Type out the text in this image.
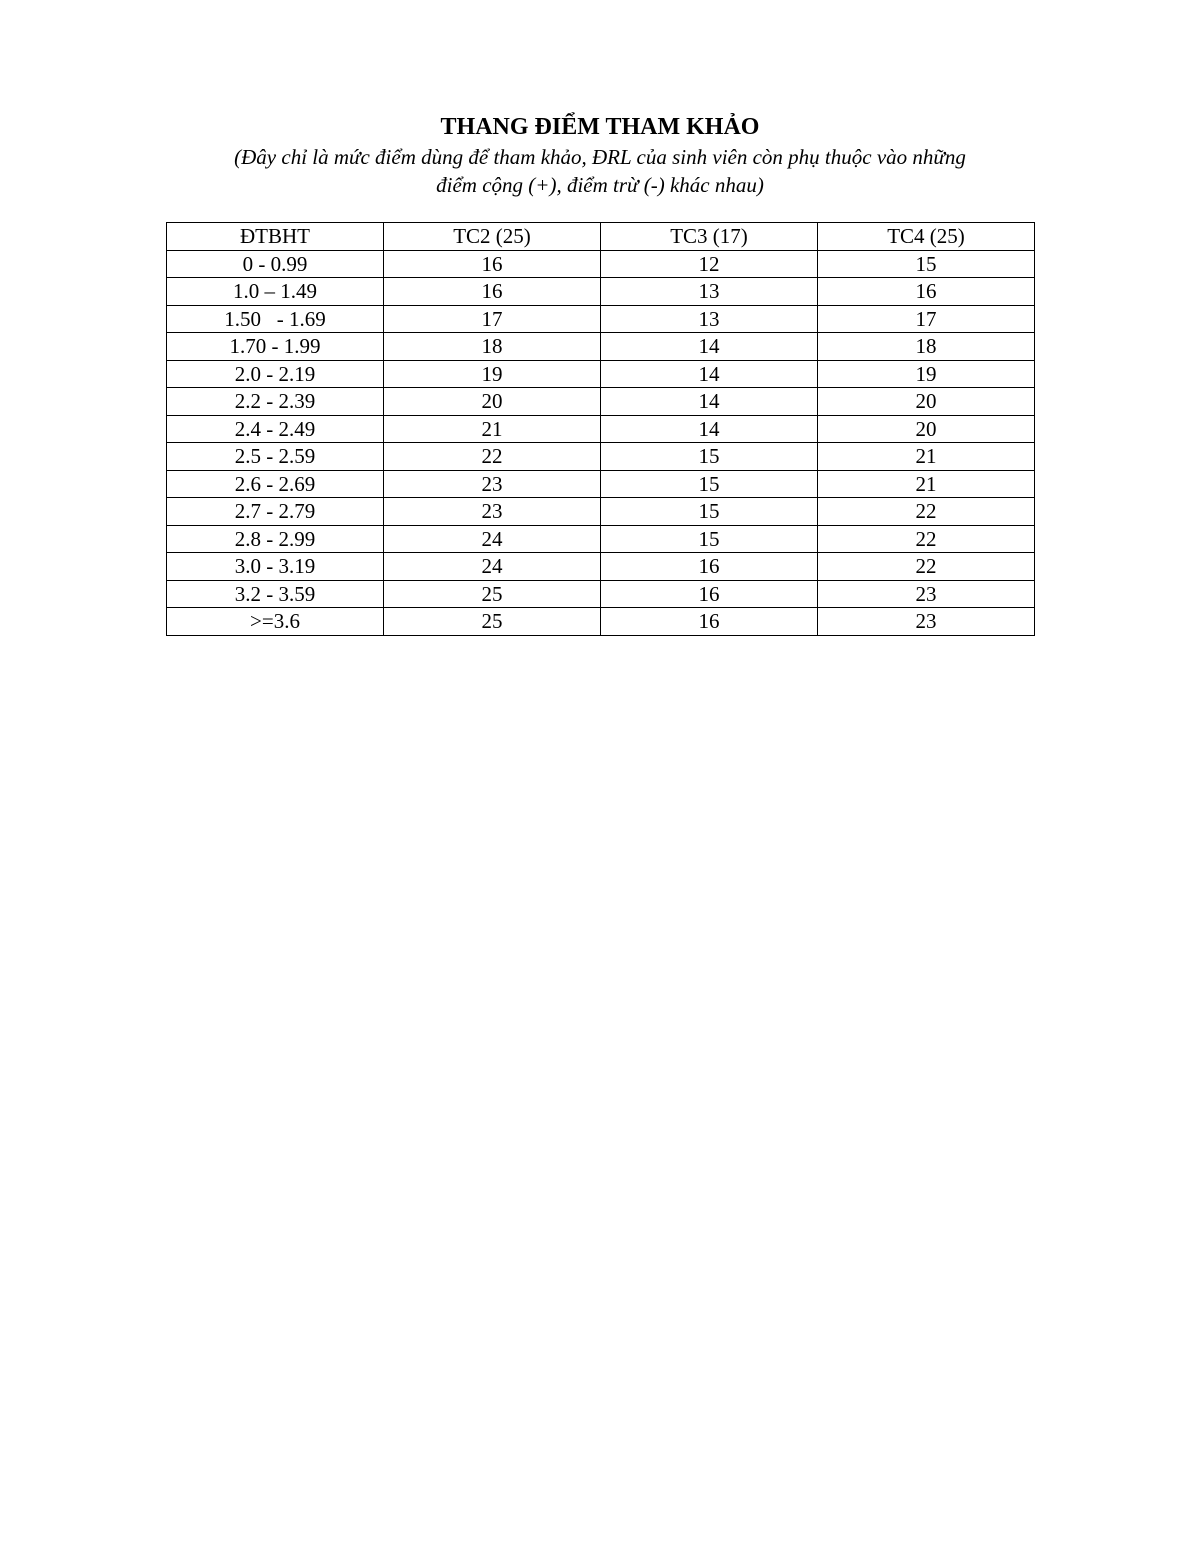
THANG ĐIỂM THAM KHẢO

(Đây chỉ là mức điểm dùng để tham khảo, ĐRL của sinh viên còn phụ thuộc vào những
điểm cộng (+), điểm trừ (-) khác nhau)

ĐTBHT	TC2 (25)	TC3 (17)	TC4 (25)
0 - 0.99	16	12	15
1.0 – 1.49	16	13	16
1.50   - 1.69	17	13	17
1.70 - 1.99	18	14	18
2.0 - 2.19	19	14	19
2.2 - 2.39	20	14	20
2.4 - 2.49	21	14	20
2.5 - 2.59	22	15	21
2.6 - 2.69	23	15	21
2.7 - 2.79	23	15	22
2.8 - 2.99	24	15	22
3.0 - 3.19	24	16	22
3.2 - 3.59	25	16	23
>=3.6	25	16	23
